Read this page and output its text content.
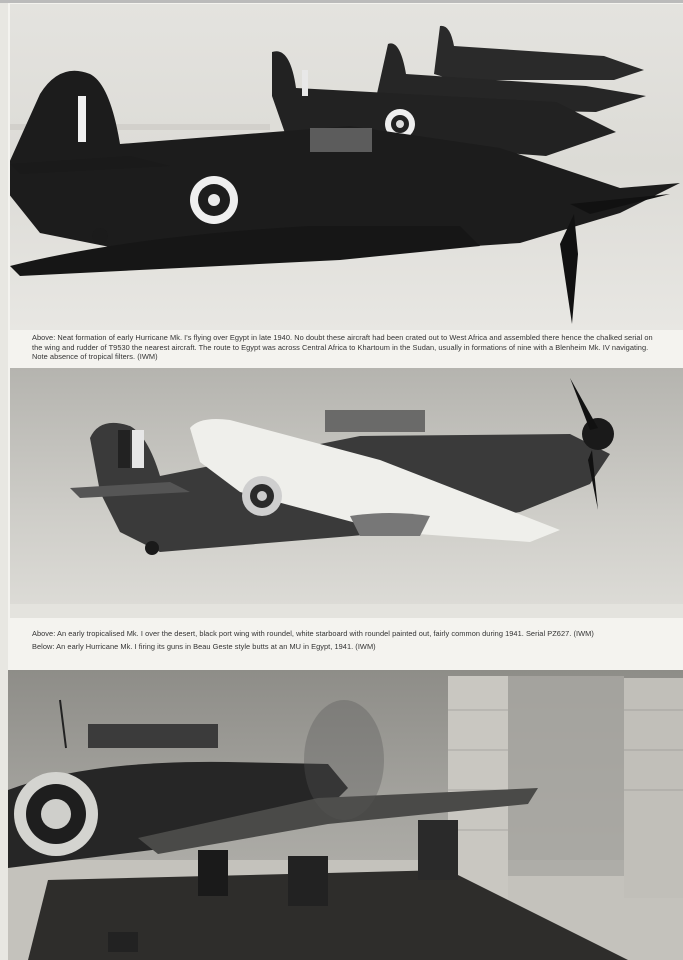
Above: Neat formation of early Hurricane Mk. I's flying over Egypt in late 1940. No doubt these aircraft had been crated out to West Africa and assembled there hence the chalked serial on the wing and rudder of T9530 the nearest aircraft. The route to Egypt was across Central Africa to Khartoum in the Sudan, usually in formations of nine with a Blenheim Mk. IV navigating. Note absence of tropical filters. (IWM)

Above: An early tropicalised Mk. I over the desert, black port wing with roundel, white starboard with roundel painted out, fairly common during 1941. Serial PZ627. (IWM)

Below: An early Hurricane Mk. I firing its guns in Beau Geste style butts at an MU in Egypt, 1941. (IWM)
